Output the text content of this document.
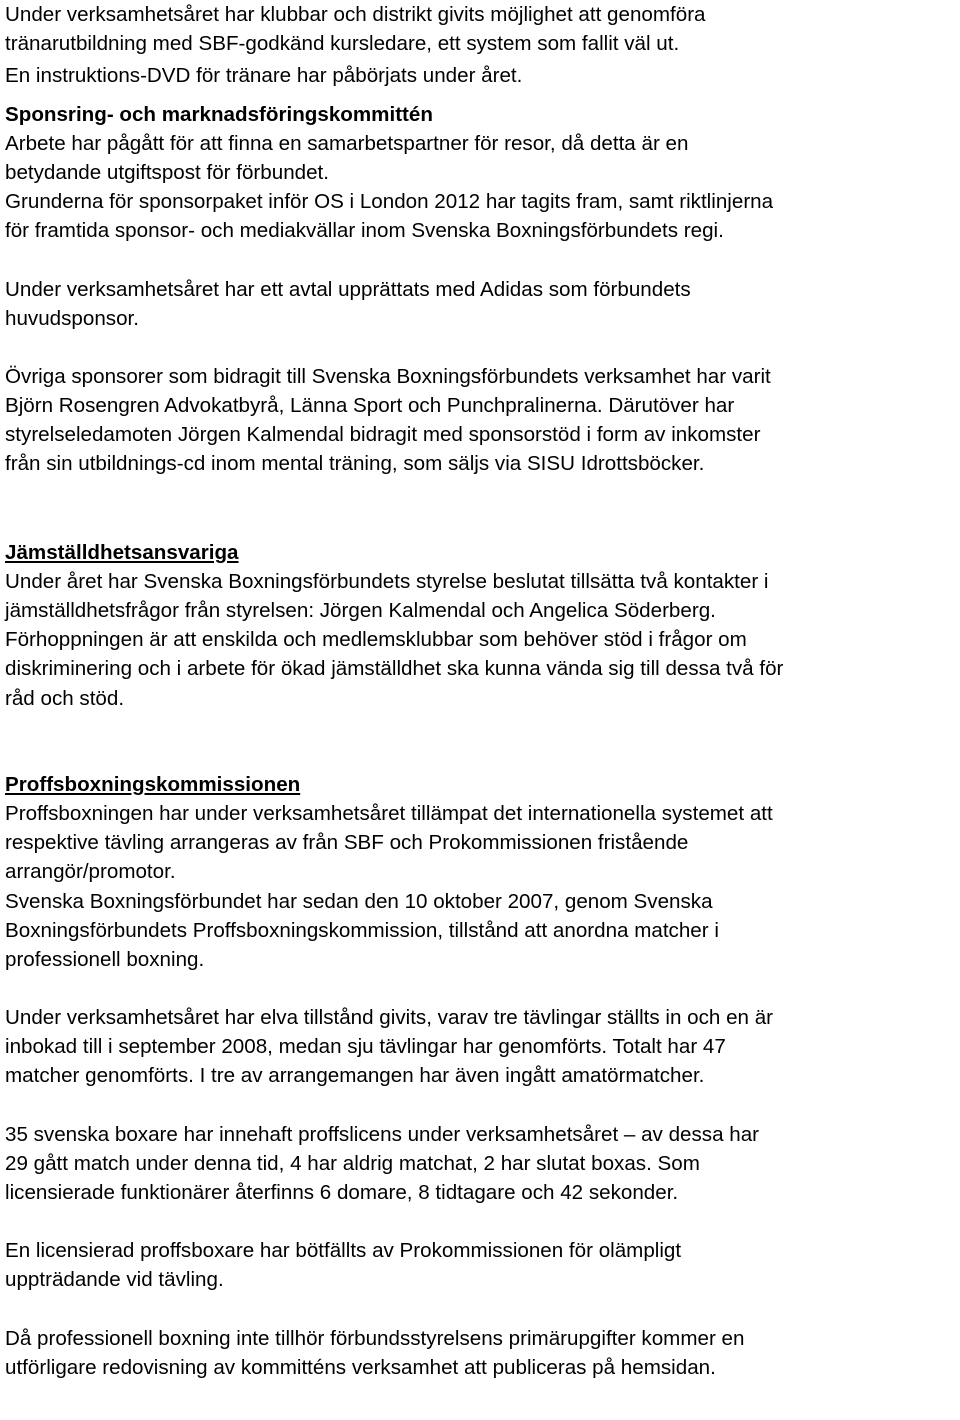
Under verksamhetsåret har klubbar och distrikt givits möjlighet att genomföra
tränarutbildning med SBF-godkänd kursledare, ett system som fallit väl ut.
En instruktions-DVD för tränare har påbörjats under året.
Sponsring- och marknadsföringskommittén
Arbete har pågått för att finna en samarbetspartner för resor, då detta är en
betydande utgiftspost för förbundet.
Grunderna för sponsorpaket inför OS i London 2012 har tagits fram, samt riktlinjerna
för framtida sponsor- och mediakvällar inom Svenska Boxningsförbundets regi.
Under verksamhetsåret har ett avtal upprättats med Adidas som förbundets
huvudsponsor.
Övriga sponsorer som bidragit till Svenska Boxningsförbundets verksamhet har varit
Björn Rosengren Advokatbyrå, Länna Sport och Punchpralinerna. Därutöver har
styrelseledamoten Jörgen Kalmendal bidragit med sponsorstöd i form av inkomster
från sin utbildnings-cd inom mental träning, som säljs via SISU Idrottsböcker.
Jämställdhetsansvariga
Under året har Svenska Boxningsförbundets styrelse beslutat tillsätta två kontakter i
jämställdhetsfrågor från styrelsen: Jörgen Kalmendal och Angelica Söderberg.
Förhoppningen är att enskilda och medlemsklubbar som behöver stöd i frågor om
diskriminering och i arbete för ökad jämställdhet ska kunna vända sig till dessa två för
råd och stöd.
Proffsboxningskommissionen
Proffsboxningen har under verksamhetsåret tillämpat det internationella systemet att
respektive tävling arrangeras av från SBF och Prokommissionen fristående
arrangör/promotor.
Svenska Boxningsförbundet har sedan den 10 oktober 2007, genom Svenska
Boxningsförbundets Proffsboxningskommission, tillstånd att anordna matcher i
professionell boxning.
Under verksamhetsåret har elva tillstånd givits, varav tre tävlingar ställts in och en är
inbokad till i september 2008, medan sju tävlingar har genomförts. Totalt har 47
matcher genomförts. I tre av arrangemangen har även ingått amatörmatcher.
35 svenska boxare har innehaft proffslicens under verksamhetsåret – av dessa har
29 gått match under denna tid, 4 har aldrig matchat, 2 har slutat boxas. Som
licensierade funktionärer återfinns 6 domare, 8 tidtagare och 42 sekonder.
En licensierad proffsboxare har bötfällts av Prokommissionen för olämpligt
uppträdande vid tävling.
Då professionell boxning inte tillhör förbundsstyrelsens primärupgifter kommer en
utförligare redovisning av kommitténs verksamhet att publiceras på hemsidan.
